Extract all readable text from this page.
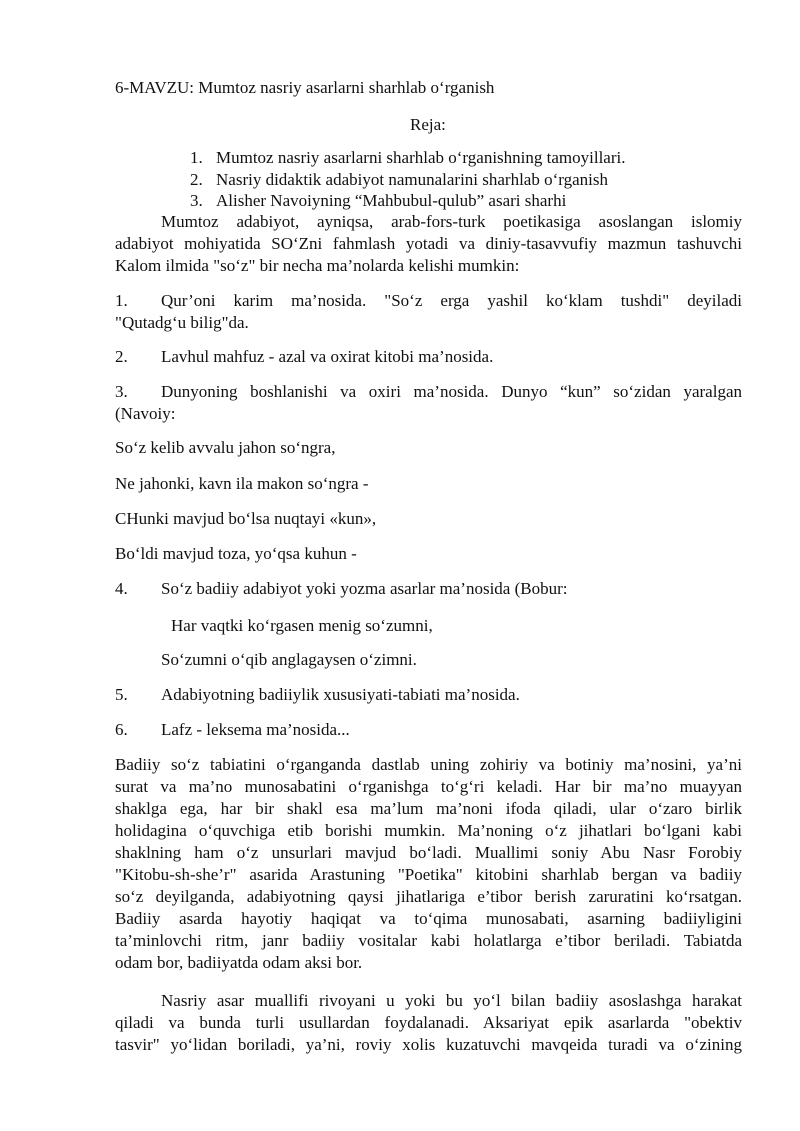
6-MAVZU: Mumtoz nasriy asarlarni sharhlab o‘rganish
Reja:
1. Mumtoz nasriy asarlarni sharhlab o‘rganishning tamoyillari.
2. Nasriy didaktik adabiyot namunalarini sharhlab o‘rganish
3. Alisher Navoiyning “Mahbubul-qulub” asari sharhi
Mumtoz adabiyot, ayniqsa, arab-fors-turk poetikasiga asoslangan islomiy
adabiyot mohiyatida SO‘Zni fahmlash yotadi va diniy-tasavvufiy mazmun tashuvchi
Kalom ilmida "so‘z" bir necha ma’nolarda kelishi mumkin:
1. Qur’oni karim ma’nosida. "So‘z erga yashil ko‘klam tushdi" deyiladi
"Qutadg‘u bilig"da.
2. Lavhul mahfuz - azal va oxirat kitobi ma’nosida.
3. Dunyoning boshlanishi va oxiri ma’nosida. Dunyo “kun” so‘zidan yaralgan
(Navoiy:
So‘z kelib avvalu jahon so‘ngra,
Ne jahonki, kavn ila makon so‘ngra -
CHunki mavjud bo‘lsa nuqtayi «kun»,
Bo‘ldi mavjud toza, yo‘qsa kuhun -
4. So‘z badiiy adabiyot yoki yozma asarlar ma’nosida (Bobur:
Har vaqtki ko‘rgasen menig so‘zumni,
So‘zumni o‘qib anglagaysen o‘zimni.
5. Adabiyotning badiiylik xususiyati-tabiati ma’nosida.
6. Lafz - leksema ma’nosida...
Badiiy so‘z tabiatini o‘rganganda dastlab uning zohiriy va botiniy ma’nosini, ya’ni
surat va ma’no munosabatini o‘rganishga to‘g‘ri keladi. Har bir ma’no muayyan
shaklga ega, har bir shakl esa ma’lum ma’noni ifoda qiladi, ular o‘zaro birlik
holidagina o‘quvchiga etib borishi mumkin. Ma’noning o‘z jihatlari bo‘lgani kabi
shaklning ham o‘z unsurlari mavjud bo‘ladi. Muallimi soniy Abu Nasr Forobiy
"Kitobu-sh-she’r" asarida Arastuning "Poetika" kitobini sharhlab bergan va badiiy
so‘z deyilganda, adabiyotning qaysi jihatlariga e’tibor berish zaruratini ko‘rsatgan.
Badiiy asarda hayotiy haqiqat va to‘qima munosabati, asarning badiiyligini
ta’minlovchi ritm, janr badiiy vositalar kabi holatlarga e’tibor beriladi. Tabiatda
odam bor, badiiyatda odam aksi bor.
Nasriy asar muallifi rivoyani u yoki bu yo‘l bilan badiiy asoslashga harakat
qiladi va bunda turli usullardan foydalanadi. Aksariyat epik asarlarda "obektiv
tasvir" yo‘lidan boriladi, ya’ni, roviy xolis kuzatuvchi mavqeida turadi va o‘zining
